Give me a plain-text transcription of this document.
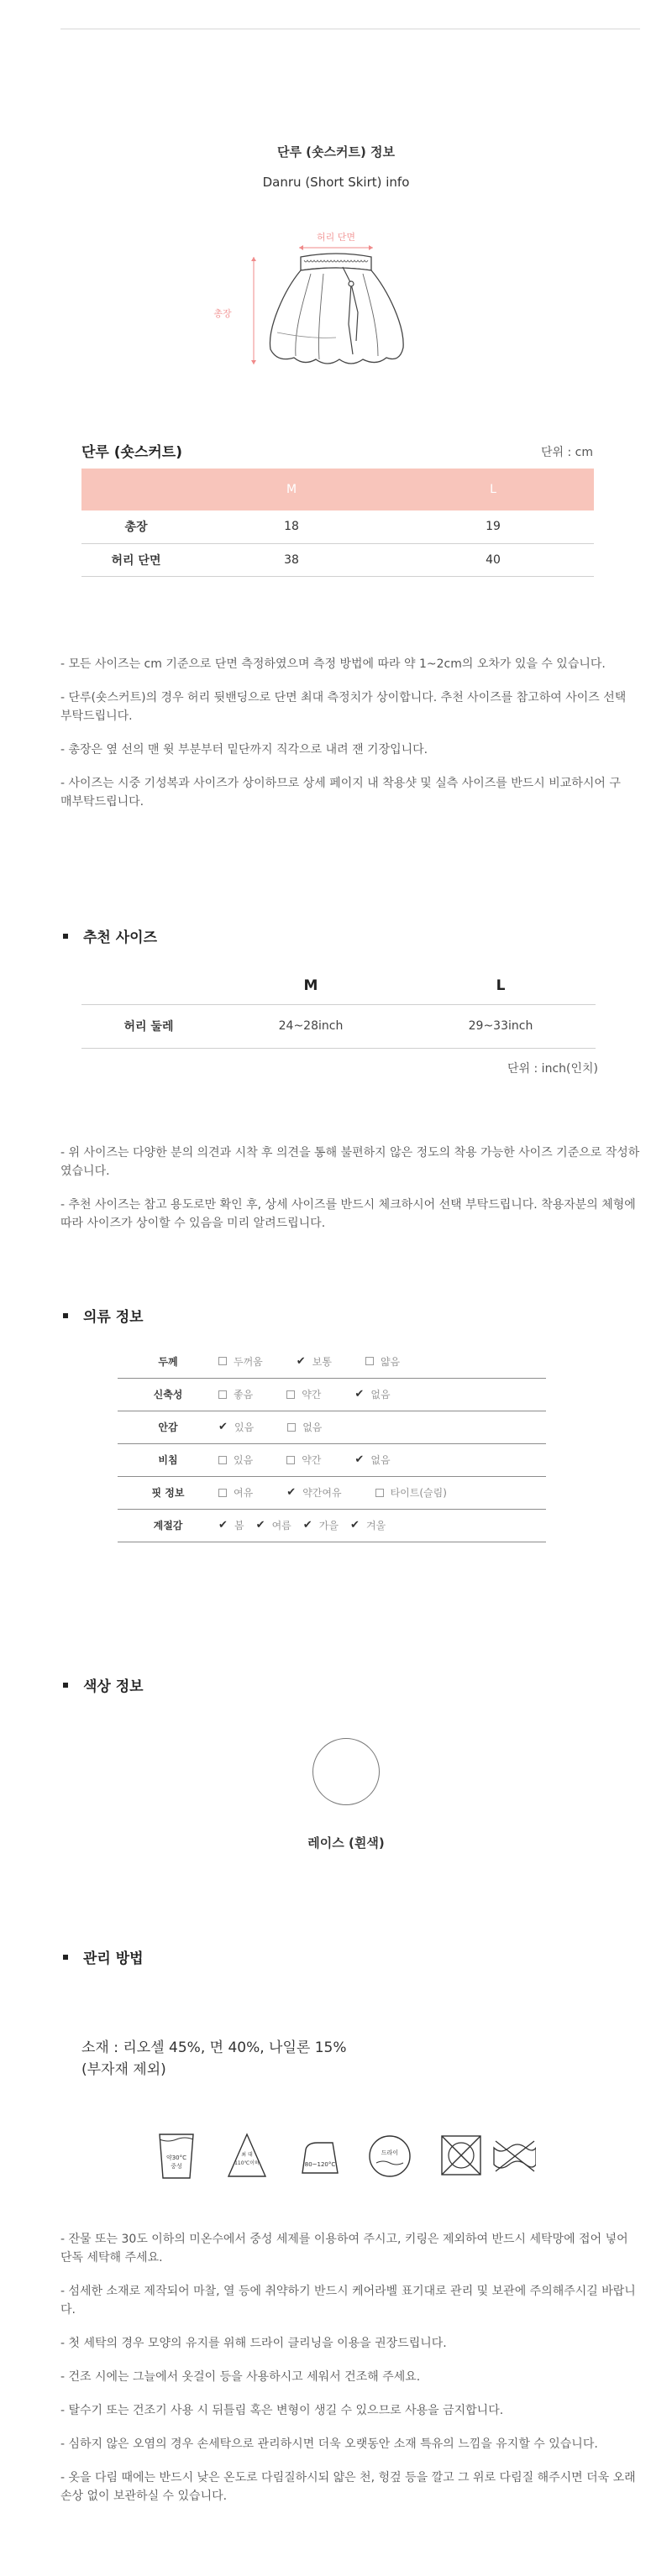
단루 (숏스커트) 정보
Danru (Short Skirt) info
허리 단면
총장
단루 (숏스커트)	단위 : cm
	M	L
총장	18	19
허리 단면	38	40

- 모든 사이즈는 cm 기준으로 단면 측정하였으며 측정 방법에 따라 약 1~2cm의 오차가 있을 수 있습니다.

- 단루(숏스커트)의 경우 허리 뒷밴딩으로 단면 최대 측정치가 상이합니다. 추천 사이즈를 참고하여 사이즈 선택 부탁드립니다.

- 총장은 옆 선의 맨 윗 부분부터 밑단까지 직각으로 내려 잰 기장입니다.

- 사이즈는 시중 기성복과 사이즈가 상이하므로 상세 페이지 내 착용샷 및 실측 사이즈를 반드시 비교하시어 구매부탁드립니다.

추천 사이즈
	M	L
허리 둘레	24~28inch	29~33inch
단위 : inch(인치)

- 위 사이즈는 다양한 분의 의견과 시착 후 의견을 통해 불편하지 않은 정도의 착용 가능한 사이즈 기준으로 작성하였습니다.

- 추천 사이즈는 참고 용도로만 확인 후, 상세 사이즈를 반드시 체크하시어 선택 부탁드립니다. 착용자분의 체형에 따라 사이즈가 상이할 수 있음을 미리 알려드립니다.

의류 정보
두께	두꺼움 ✔ 보통 얇음
신축성	좋음 약간 ✔ 없음
안감	✔ 있음 없음
비침	있음 약간 ✔ 없음
핏 정보	여유 ✔ 약간여유 타이트(슬림)
계절감	✔ 봄 ✔ 여름 ✔ 가을 ✔ 겨울
색상 정보
레이스 (흰색)
관리 방법
소재 : 리오셀 45%, 면 40%, 나일론 15%
(부자재 제외)
약30°C
중성
최 대
110℃이하	80~120°C
드라이

- 잔물 또는 30도 이하의 미온수에서 중성 세제를 이용하여 주시고, 키링은 제외하여 반드시 세탁망에 접어 넣어 단독 세탁해 주세요.

- 섬세한 소재로 제작되어 마찰, 열 등에 취약하기 반드시 케어라벨 표기대로 관리 및 보관에 주의해주시길 바랍니다.

- 첫 세탁의 경우 모양의 유지를 위해 드라이 클리닝을 이용을 권장드립니다.

- 건조 시에는 그늘에서 옷걸이 등을 사용하시고 세워서 건조해 주세요.

- 탈수기 또는 건조기 사용 시 뒤틀림 혹은 변형이 생길 수 있으므로 사용을 금지합니다.

- 심하지 않은 오염의 경우 손세탁으로 관리하시면 더욱 오랫동안 소재 특유의 느낌을 유지할 수 있습니다.

- 옷을 다림 때에는 반드시 낮은 온도로 다림질하시되 얇은 천, 헝겊 등을 깔고 그 위로 다림질 해주시면 더욱 오래 손상 없이 보관하실 수 있습니다.
